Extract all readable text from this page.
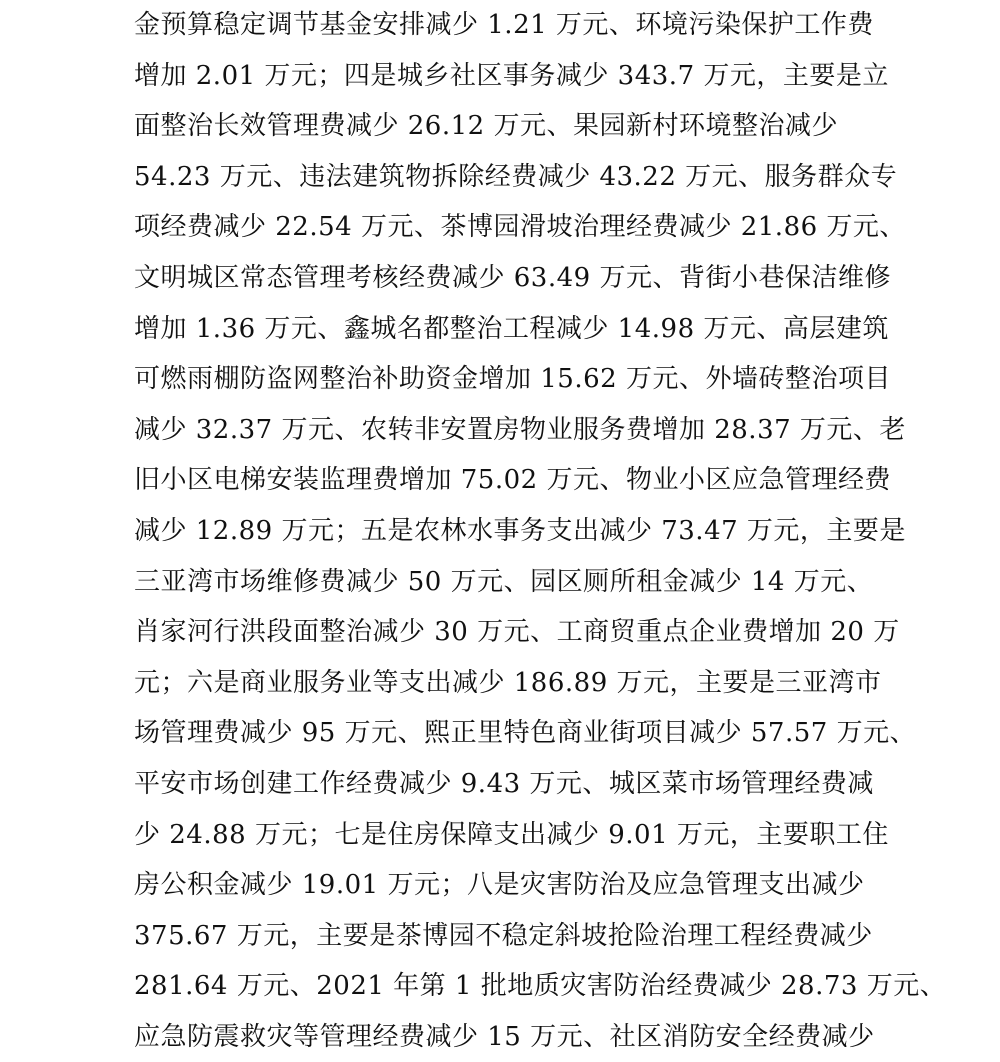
金预算稳定调节基金安排减少 1.21 万元、环境污染保护工作费
增加 2.01 万元；四是城乡社区事务减少 343.7 万元，主要是立
面整治长效管理费减少 26.12 万元、果园新村环境整治减少
54.23 万元、违法建筑物拆除经费减少 43.22 万元、服务群众专
项经费减少 22.54 万元、茶博园滑坡治理经费减少 21.86 万元、
文明城区常态管理考核经费减少 63.49 万元、背街小巷保洁维修
增加 1.36 万元、鑫城名都整治工程减少 14.98 万元、高层建筑
可燃雨棚防盗网整治补助资金增加 15.62 万元、外墙砖整治项目
减少 32.37 万元、农转非安置房物业服务费增加 28.37 万元、老
旧小区电梯安装监理费增加 75.02 万元、物业小区应急管理经费
减少 12.89 万元；五是农林水事务支出减少 73.47 万元，主要是
三亚湾市场维修费减少 50 万元、园区厕所租金减少 14 万元、
肖家河行洪段面整治减少 30 万元、工商贸重点企业费增加 20 万
元；六是商业服务业等支出减少 186.89 万元，主要是三亚湾市
场管理费减少 95 万元、熙正里特色商业街项目减少 57.57 万元、
平安市场创建工作经费减少 9.43 万元、城区菜市场管理经费减
少 24.88 万元；七是住房保障支出减少 9.01 万元，主要职工住
房公积金减少 19.01 万元；八是灾害防治及应急管理支出减少
375.67 万元，主要是茶博园不稳定斜坡抢险治理工程经费减少
281.64 万元、2021 年第 1 批地质灾害防治经费减少 28.73 万元、
应急防震救灾等管理经费减少 15 万元、社区消防安全经费减少
